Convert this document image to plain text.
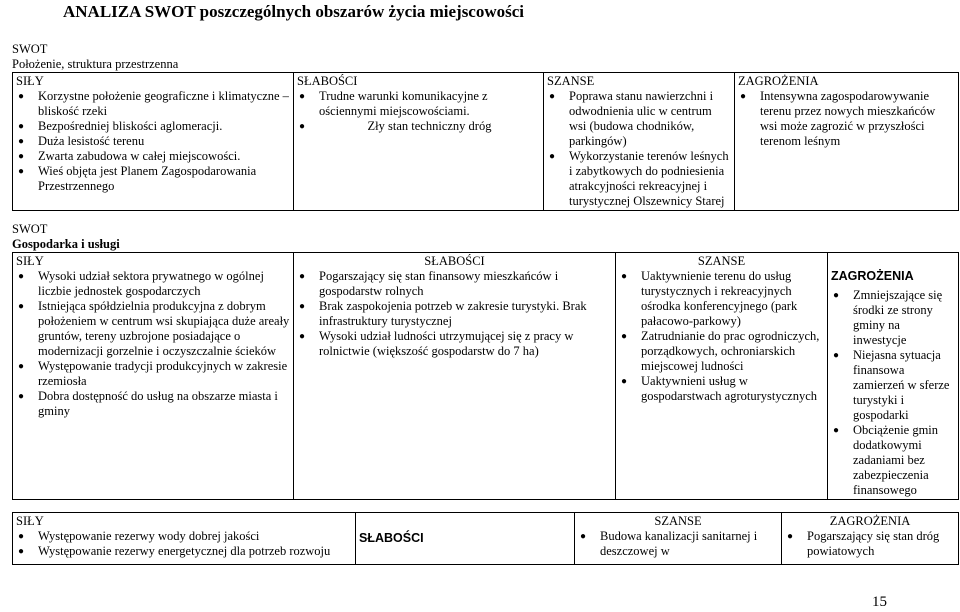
ANALIZA SWOT poszczególnych obszarów życia miejscowości
SWOT
Położenie, struktura przestrzenna
SIŁY
● Korzystne położenie geograficzne i klimatyczne – bliskość rzeki
● Bezpośredniej bliskości aglomeracji.
● Duża lesistość terenu
● Zwarta zabudowa w całej miejscowości.
● Wieś objęta jest Planem Zagospodarowania Przestrzennego

SŁABOŚCI
● Trudne warunki komunikacyjne z ościennymi miejscowościami.
● Zły stan techniczny dróg

SZANSE
● Poprawa stanu nawierzchni i odwodnienia ulic w centrum wsi (budowa chodników, parkingów)
● Wykorzystanie terenów leśnych i zabytkowych do podniesienia atrakcyjności rekreacyjnej i turystycznej Olszewnicy Starej

ZAGROŻENIA
● Intensywna zagospodarowywanie terenu przez nowych mieszkańców wsi może zagrozić w przyszłości terenom leśnym
SWOT
Gospodarka i usługi
SIŁY
● Wysoki udział sektora prywatnego w ogólnej liczbie jednostek gospodarczych
● Istniejąca spółdzielnia produkcyjna z dobrym położeniem w centrum wsi skupiająca duże areały gruntów, tereny uzbrojone posiadające o modernizacji gorzelnie i oczyszczalnie ścieków
● Występowanie tradycji produkcyjnych w zakresie rzemiosła
● Dobra dostępność do usług na obszarze miasta i gminy

SŁABOŚCI
● Pogarszający się stan finansowy mieszkańców i gospodarstw rolnych
● Brak zaspokojenia potrzeb w zakresie turystyki. Brak infrastruktury turystycznej
● Wysoki udział ludności utrzymującej się z pracy w rolnictwie (większość gospodarstw do 7 ha)

SZANSE
● Uaktywnienie terenu do usług turystycznych i rekreacyjnych ośrodka konferencyjnego (park pałacowo-parkowy)
● Zatrudnianie do prac ogrodniczych, porządkowych, ochroniarskich miejscowej ludności
● Uaktywnieni usług w gospodarstwach agroturystycznych

ZAGROŻENIA
● Zmniejszające się środki ze strony gminy na inwestycje
● Niejasna sytuacja finansowa zamierzeń w sferze turystyki i gospodarki
● Obciążenie gmin dodatkowymi zadaniami bez zabezpieczenia finansowego
SIŁY
● Występowanie rezerwy wody dobrej jakości
● Występowanie rezerwy energetycznej dla potrzeb rozwoju

SŁABOŚCI

SZANSE
● Budowa kanalizacji sanitarnej i deszczowej w

ZAGROŻENIA
● Pogarszający się stan dróg powiatowych
15
